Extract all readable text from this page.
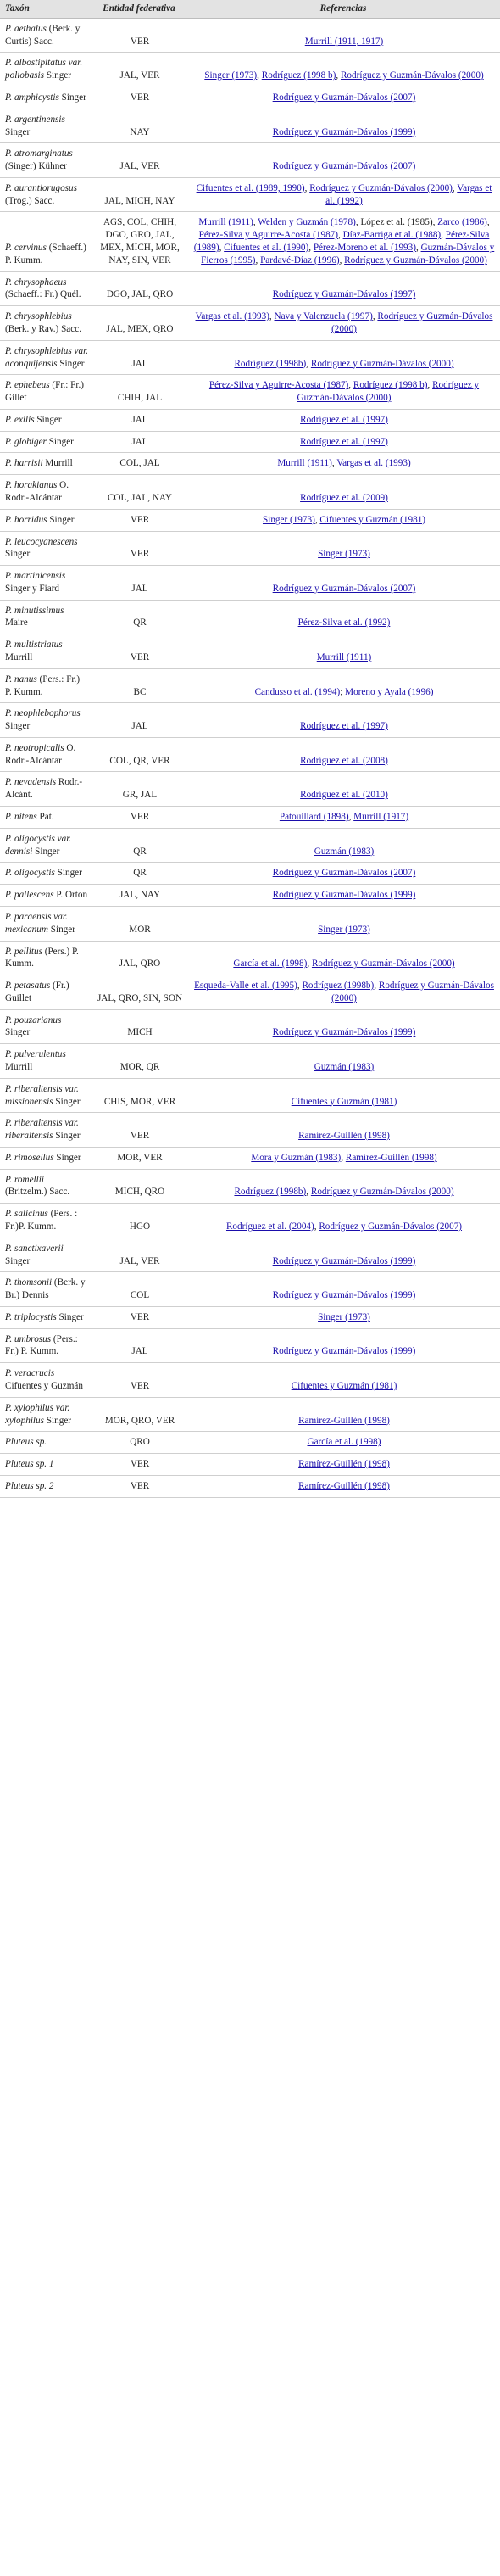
Taxón	Entidad federativa	Referencias
P. aethalus (Berk. y Curtis) Sacc.	VER	Murrill (1911, 1917)
P. albostipitatus var. poliobasis Singer	JAL, VER	Singer (1973), Rodríguez (1998 b), Rodríguez y Guzmán-Dávalos (2000)
P. amphicystis Singer	VER	Rodríguez y Guzmán-Dávalos (2007)
P. argentinensis Singer	NAY	Rodríguez y Guzmán-Dávalos (1999)
P. atromarginatus (Singer) Kühner	JAL, VER	Rodríguez y Guzmán-Dávalos (2007)
P. aurantiorugosus (Trog.) Sacc.	JAL, MICH, NAY	Cifuentes et al. (1989, 1990), Rodríguez y Guzmán-Dávalos (2000), Vargas et al. (1992)
P. cervinus (Schaeff.) P. Kumm.	AGS, COL, CHIH, DGO, GRO, JAL, MEX, MICH, MOR, NAY, SIN, VER	Murrill (1911), Welden y Guzmán (1978), López et al. (1985), Zarco (1986), Pérez-Silva y Aguirre-Acosta (1987), Díaz-Barriga et al. (1988), Pérez-Silva (1989), Cifuentes et al. (1990), Pérez-Moreno et al. (1993), Guzmán-Dávalos y Fierros (1995), Pardavé-Díaz (1996), Rodríguez y Guzmán-Dávalos (2000)
P. chrysophaeus (Schaeff.: Fr.) Quél.	DGO, JAL, QRO	Rodríguez y Guzmán-Dávalos (1997)
P. chrysophlebius (Berk. y Rav.) Sacc.	JAL, MEX, QRO	Vargas et al. (1993), Nava y Valenzuela (1997), Rodríguez y Guzmán-Dávalos (2000)
P. chrysophlebius var. aconquijensis Singer	JAL	Rodríguez (1998b), Rodríguez y Guzmán-Dávalos (2000)
P. ephebeus (Fr.: Fr.) Gillet	CHIH, JAL	Pérez-Silva y Aguirre-Acosta (1987), Rodríguez (1998 b), Rodríguez y Guzmán-Dávalos (2000)
P. exilis Singer	JAL	Rodríguez et al. (1997)
P. globiger Singer	JAL	Rodríguez et al. (1997)
P. harrisii Murrill	COL, JAL	Murrill (1911), Vargas et al. (1993)
P. horakianus O. Rodr.-Alcántar	COL, JAL, NAY	Rodríguez et al. (2009)
P. horridus Singer	VER	Singer (1973), Cifuentes y Guzmán (1981)
P. leucocyanescens Singer	VER	Singer (1973)
P. martinicensis Singer y Fiard	JAL	Rodríguez y Guzmán-Dávalos (2007)
P. minutissimus Maire	QR	Pérez-Silva et al. (1992)
P. multistriatus Murrill	VER	Murrill (1911)
P. nanus (Pers.: Fr.) P. Kumm.	BC	Candusso et al. (1994); Moreno y Ayala (1996)
P. neophlebophorus Singer	JAL	Rodríguez et al. (1997)
P. neotropicalis O. Rodr.-Alcántar	COL, QR, VER	Rodríguez et al. (2008)
P. nevadensis Rodr.-Alcánt.	GR, JAL	Rodríguez et al. (2010)
P. nitens Pat.	VER	Patouillard (1898), Murrill (1917)
P. oligocystis var. dennisi Singer	QR	Guzmán (1983)
P. oligocystis Singer	QR	Rodríguez y Guzmán-Dávalos (2007)
P. pallescens P. Orton	JAL, NAY	Rodríguez y Guzmán-Dávalos (1999)
P. paraensis var. mexicanum Singer	MOR	Singer (1973)
P. pellitus (Pers.) P. Kumm.	JAL, QRO	García et al. (1998), Rodríguez y Guzmán-Dávalos (2000)
P. petasatus (Fr.) Guillet	JAL, QRO, SIN, SON	Esqueda-Valle et al. (1995), Rodríguez (1998b), Rodríguez y Guzmán-Dávalos (2000)
P. pouzarianus Singer	MICH	Rodríguez y Guzmán-Dávalos (1999)
P. pulverulentus Murrill	MOR, QR	Guzmán (1983)
P. riberaltensis var. missionensis Singer	CHIS, MOR, VER	Cifuentes y Guzmán (1981)
P. riberaltensis var. riberaltensis Singer	VER	Ramírez-Guillén (1998)
P. rimosellus Singer	MOR, VER	Mora y Guzmán (1983), Ramírez-Guillén (1998)
P. romellii (Britzelm.) Sacc.	MICH, QRO	Rodríguez (1998b), Rodríguez y Guzmán-Dávalos (2000)
P. salicinus (Pers. : Fr.)P. Kumm.	HGO	Rodríguez et al. (2004), Rodríguez y Guzmán-Dávalos (2007)
P. sanctixaverii Singer	JAL, VER	Rodríguez y Guzmán-Dávalos (1999)
P. thomsonii (Berk. y Br.) Dennis	COL	Rodríguez y Guzmán-Dávalos (1999)
P. triplocystis Singer	VER	Singer (1973)
P. umbrosus (Pers.: Fr.) P. Kumm.	JAL	Rodríguez y Guzmán-Dávalos (1999)
P. veracrucis Cifuentes y Guzmán	VER	Cifuentes y Guzmán (1981)
P. xylophilus var. xylophilus Singer	MOR, QRO, VER	Ramírez-Guillén (1998)
Pluteus sp.	QRO	García et al. (1998)
Pluteus sp. 1	VER	Ramírez-Guillén (1998)
Pluteus sp. 2	VER	Ramírez-Guillén (1998)
